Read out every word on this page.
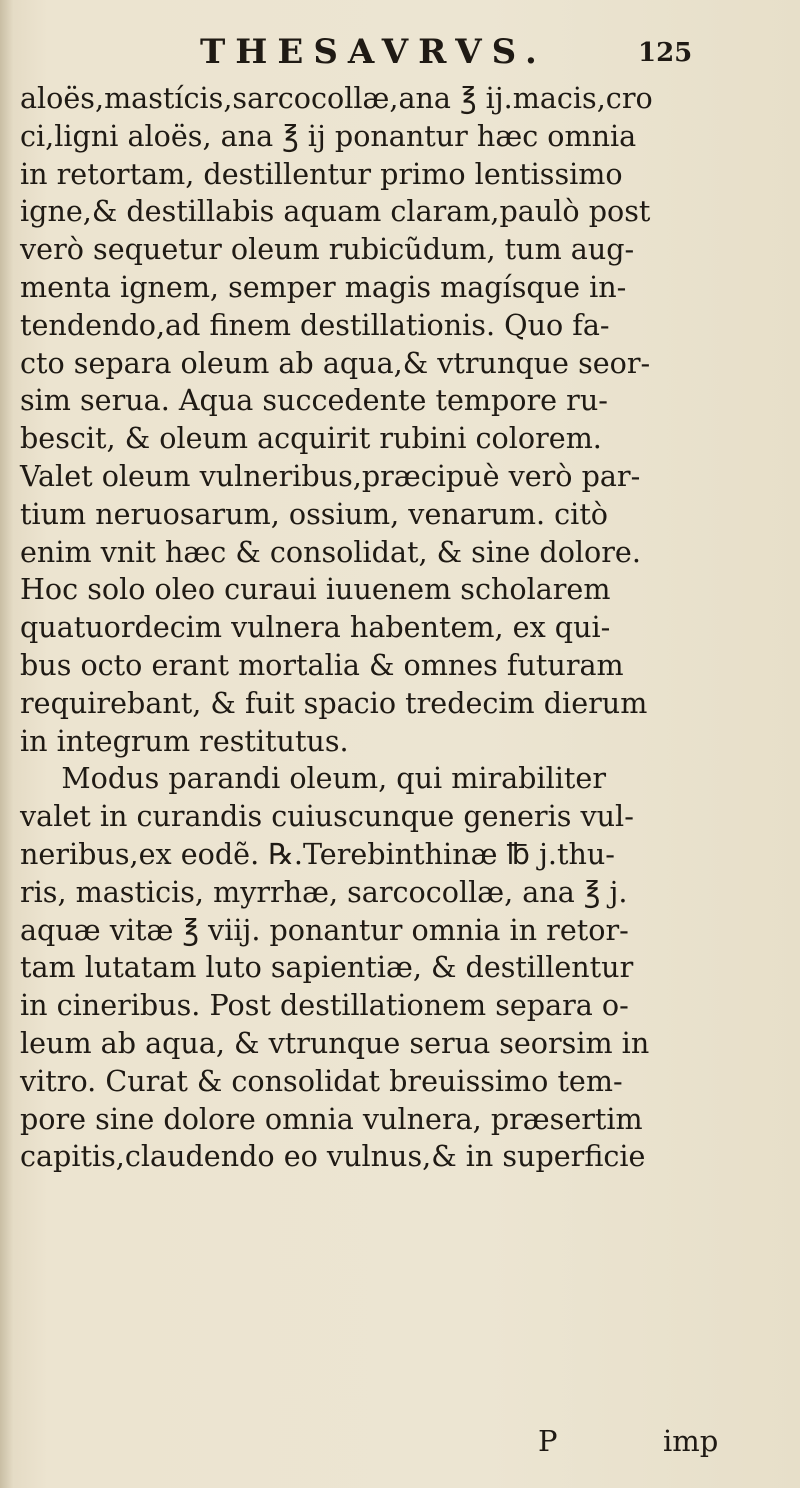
THESAVRVS.	125
aloës,mastícis,sarcocollæ,ana ℥ ij.macis,cro
ci,ligni aloës, ana ℥ ij ponantur hæc omnia
in retortam, destillentur primo lentissimo
igne,& destillabis aquam claram,paulò post
verò sequetur oleum rubicũdum, tum aug-
menta ignem, semper magis magísque in-
tendendo,ad finem destillationis. Quo fa-
cto separa oleum ab aqua,& vtrunque seor-
sim serua. Aqua succedente tempore ru-
bescit, & oleum acquirit rubini colorem.
Valet oleum vulneribus,præcipuè verò par-
tium neruosarum, ossium, venarum. citò
enim vnit hæc & consolidat, & sine dolore.
Hoc solo oleo curaui iuuenem scholarem
quatuordecim vulnera habentem, ex qui-
bus octo erant mortalia & omnes futuram
requirebant, & fuit spacio tredecim dierum
in integrum restitutus.
Modus parandi oleum, qui mirabiliter
valet in curandis cuiuscunque generis vul-
neribus,ex eodẽ. ℞.Terebinthinæ ℔ j.thu-
ris, masticis, myrrhæ, sarcocollæ, ana ℥ j.
aquæ vitæ ℥ viij. ponantur omnia in retor-
tam lutatam luto sapientiæ, & destillentur
in cineribus. Post destillationem separa o-
leum ab aqua, & vtrunque serua seorsim in
vitro. Curat & consolidat breuissimo tem-
pore sine dolore omnia vulnera, præsertim
capitis,claudendo eo vulnus,& in superficie
P	imp
